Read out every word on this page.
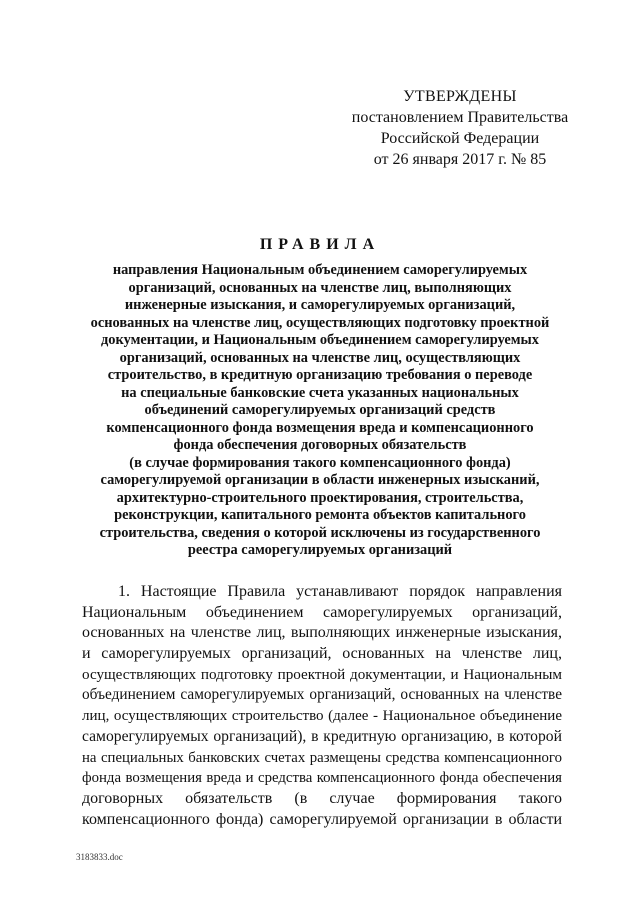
УТВЕРЖДЕНЫ
постановлением Правительства
Российской Федерации
от 26 января 2017 г. № 85
ПРАВИЛА
направления Национальным объединением саморегулируемых
организаций, основанных на членстве лиц, выполняющих
инженерные изыскания, и саморегулируемых организаций,
основанных на членстве лиц, осуществляющих подготовку проектной
документации, и Национальным объединением саморегулируемых
организаций, основанных на членстве лиц, осуществляющих
строительство, в кредитную организацию требования о переводе
на специальные банковские счета указанных национальных
объединений саморегулируемых организаций средств
компенсационного фонда возмещения вреда и компенсационного
фонда обеспечения договорных обязательств
(в случае формирования такого компенсационного фонда)
саморегулируемой организации в области инженерных изысканий,
архитектурно-строительного проектирования, строительства,
реконструкции, капитального ремонта объектов капитального
строительства, сведения о которой исключены из государственного
реестра саморегулируемых организаций
1. Настоящие Правила устанавливают порядок направления
Национальным объединением саморегулируемых организаций,
основанных на членстве лиц, выполняющих инженерные изыскания,
и саморегулируемых организаций, основанных на членстве лиц,
осуществляющих подготовку проектной документации, и Национальным
объединением саморегулируемых организаций, основанных на членстве
лиц, осуществляющих строительство (далее - Национальное объединение
саморегулируемых организаций), в кредитную организацию, в которой
на специальных банковских счетах размещены средства компенсационного
фонда возмещения вреда и средства компенсационного фонда обеспечения
договорных обязательств (в случае формирования такого
компенсационного фонда) саморегулируемой организации в области
3183833.doc
